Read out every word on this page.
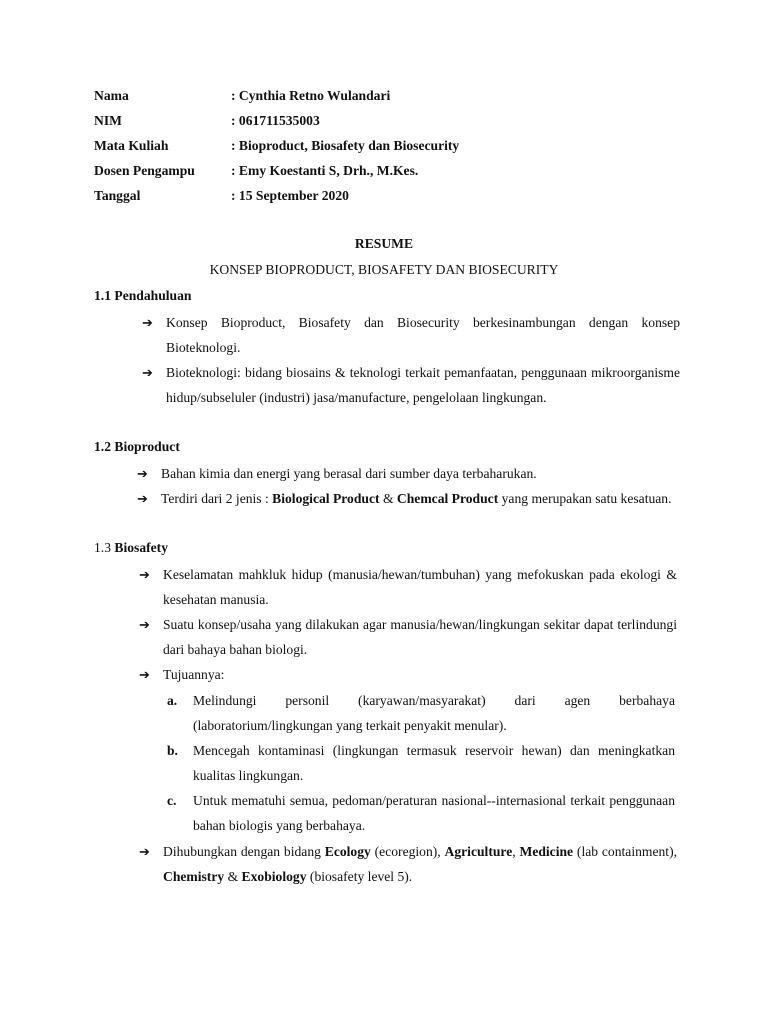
Nama	: Cynthia Retno Wulandari
NIM	: 061711535003
Mata Kuliah	: Bioproduct, Biosafety dan Biosecurity
Dosen Pengampu	: Emy Koestanti S, Drh., M.Kes.
Tanggal	: 15 September 2020
RESUME
KONSEP BIOPRODUCT, BIOSAFETY DAN BIOSECURITY
1.1 Pendahuluan
➔ Konsep Bioproduct, Biosafety dan Biosecurity berkesinambungan dengan konsep Bioteknologi.
➔ Bioteknologi: bidang biosains & teknologi terkait pemanfaatan, penggunaan mikroorganisme hidup/subseluler (industri) jasa/manufacture, pengelolaan lingkungan.
1.2 Bioproduct
➔ Bahan kimia dan energi yang berasal dari sumber daya terbaharukan.
➔ Terdiri dari 2 jenis : Biological Product & Chemcal Product yang merupakan satu kesatuan.
1.3 Biosafety
➔ Keselamatan mahkluk hidup (manusia/hewan/tumbuhan) yang mefokuskan pada ekologi & kesehatan manusia.
➔ Suatu konsep/usaha yang dilakukan agar manusia/hewan/lingkungan sekitar dapat terlindungi dari bahaya bahan biologi.
➔ Tujuannya:
a. Melindungi personil (karyawan/masyarakat) dari agen berbahaya (laboratorium/lingkungan yang terkait penyakit menular).
b. Mencegah kontaminasi (lingkungan termasuk reservoir hewan) dan meningkatkan kualitas lingkungan.
c. Untuk mematuhi semua, pedoman/peraturan nasional--internasional terkait penggunaan bahan biologis yang berbahaya.
➔ Dihubungkan dengan bidang Ecology (ecoregion), Agriculture, Medicine (lab containment), Chemistry & Exobiology (biosafety level 5).
